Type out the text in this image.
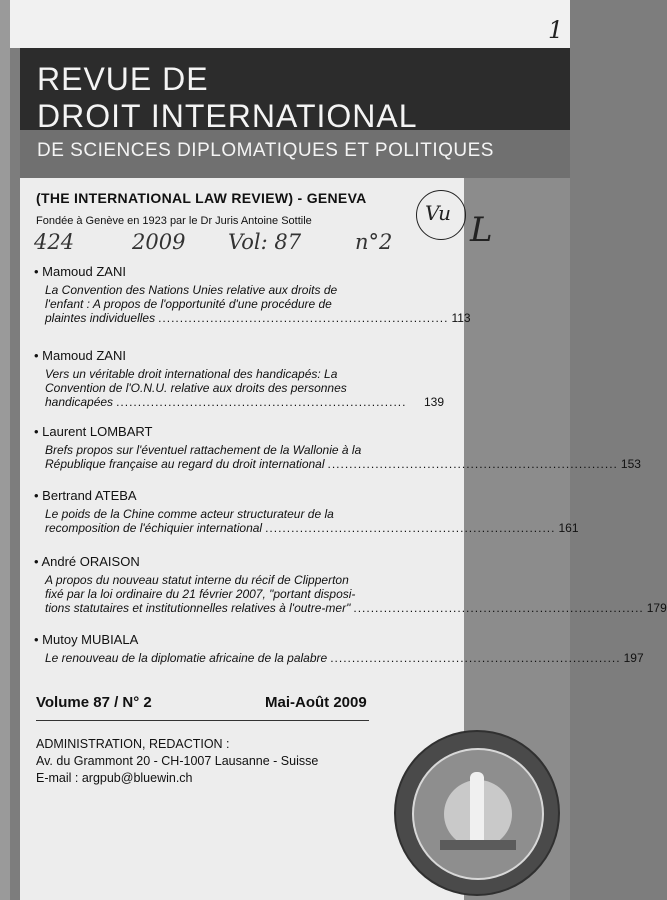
1
REVUE DE
DROIT INTERNATIONAL
DE SCIENCES DIPLOMATIQUES ET POLITIQUES
L
(THE INTERNATIONAL LAW REVIEW) - GENEVA
Fondée à Genève en 1923 par le Dr Juris Antoine Sottile
424	2009 Vol: 87	n°2
• Mamoud ZANI
La Convention des Nations Unies relative aux droits de
l'enfant : A propos de l'opportunité d'une procédure de
plaintes individuelles ................................................................... 113
• Mamoud ZANI
Vers un véritable droit international des handicapés: La
Convention de l'O.N.U. relative aux droits des personnes
handicapées ...................................................................	139
• Laurent LOMBART
Brefs propos sur l'éventuel rattachement de la Wallonie à la
République française au regard du droit international ................................................................... 153
• Bertrand ATEBA
Le poids de la Chine comme acteur structurateur de la
recomposition de l'échiquier international ................................................................... 161
• André ORAISON
A propos du nouveau statut interne du récif de Clipperton
fixé par la loi ordinaire du 21 février 2007, "portant disposi-
tions statutaires et institutionnelles relatives à l'outre-mer" ................................................................... 179
• Mutoy MUBIALA
Le renouveau de la diplomatie africaine de la palabre ................................................................... 197
Volume 87 / N° 2	Mai-Août 2009
ADMINISTRATION, REDACTION :
Av. du Grammont 20 - CH-1007 Lausanne - Suisse
E-mail : argpub@bluewin.ch
Vu
